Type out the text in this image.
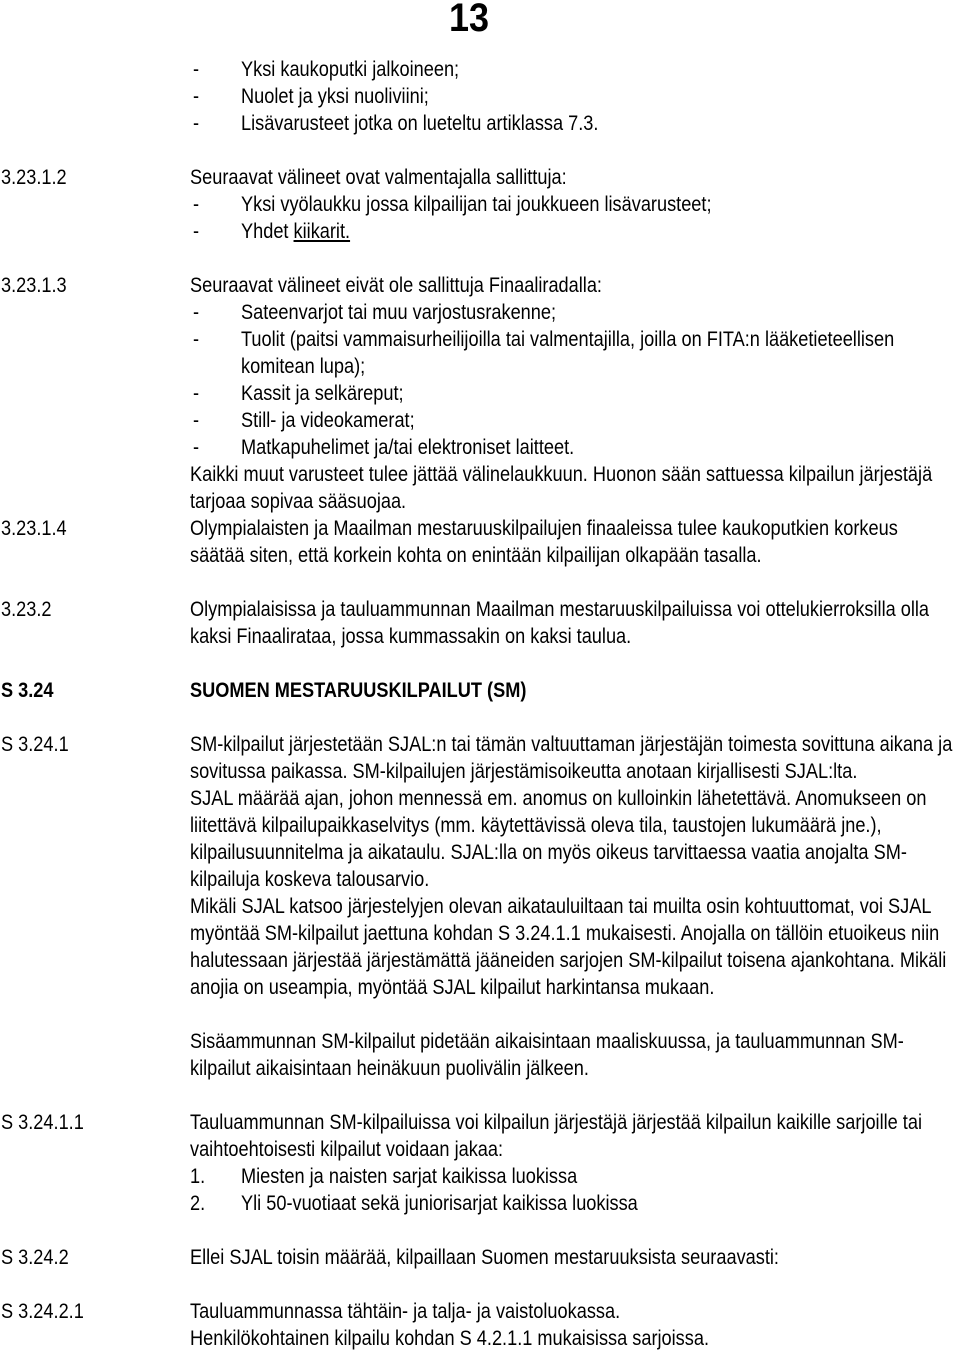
13
- Yksi kaukoputki jalkoineen;
- Nuolet ja yksi nuoliviini;
- Lisävarusteet jotka on lueteltu artiklassa 7.3.
3.23.1.2	Seuraavat välineet ovat valmentajalla sallittuja:
- Yksi vyölaukku jossa kilpailijan tai joukkueen lisävarusteet;
- Yhdet kiikarit.
3.23.1.3	Seuraavat välineet eivät ole sallittuja Finaaliradalla:
- Sateenvarjot tai muu varjostusrakenne;
- Tuolit (paitsi vammaisurheilijoilla tai valmentajilla, joilla on FITA:n lääketieteellisen
komitean lupa);
- Kassit ja selkäreput;
- Still- ja videokamerat;
- Matkapuhelimet ja/tai elektroniset laitteet.
Kaikki muut varusteet tulee jättää välinelaukkuun. Huonon sään sattuessa kilpailun järjestäjä
tarjoaa sopivaa sääsuojaa.
3.23.1.4	Olympialaisten ja Maailman mestaruuskilpailujen finaaleissa tulee kaukoputkien korkeus
säätää siten, että korkein kohta on enintään kilpailijan olkapään tasalla.
3.23.2	Olympialaisissa ja tauluammunnan Maailman mestaruuskilpailuissa voi ottelukierroksilla olla
kaksi Finaalirataa, jossa kummassakin on kaksi taulua.
S 3.24	SUOMEN MESTARUUSKILPAILUT (SM)
S 3.24.1	SM-kilpailut järjestetään SJAL:n tai tämän valtuuttaman järjestäjän toimesta sovittuna aikana ja
sovitussa paikassa. SM-kilpailujen järjestämisoikeutta anotaan kirjallisesti SJAL:lta.
SJAL määrää ajan, johon mennessä em. anomus on kulloinkin lähetettävä. Anomukseen on
liitettävä kilpailupaikkaselvitys (mm. käytettävissä oleva tila, taustojen lukumäärä jne.),
kilpailusuunnitelma ja aikataulu. SJAL:lla on myös oikeus tarvittaessa vaatia anojalta SM-
kilpailuja koskeva talousarvio.
Mikäli SJAL katsoo järjestelyjen olevan aikatauluiltaan tai muilta osin kohtuuttomat, voi SJAL
myöntää SM-kilpailut jaettuna kohdan S 3.24.1.1 mukaisesti. Anojalla on tällöin etuoikeus niin
halutessaan järjestää järjestämättä jääneiden sarjojen SM-kilpailut toisena ajankohtana. Mikäli
anojia on useampia, myöntää SJAL kilpailut harkintansa mukaan.
Sisäammunnan SM-kilpailut pidetään aikaisintaan maaliskuussa, ja tauluammunnan SM-
kilpailut aikaisintaan heinäkuun puolivälin jälkeen.
S 3.24.1.1	Tauluammunnan SM-kilpailuissa voi kilpailun järjestäjä järjestää kilpailun kaikille sarjoille tai
vaihtoehtoisesti kilpailut voidaan jakaa:
1. Miesten ja naisten sarjat kaikissa luokissa
2. Yli 50-vuotiaat sekä juniorisarjat kaikissa luokissa
S 3.24.2	Ellei SJAL toisin määrää, kilpaillaan Suomen mestaruuksista seuraavasti:
S 3.24.2.1	Tauluammunnassa tähtäin- ja talja- ja vaistoluokassa.
Henkilökohtainen kilpailu kohdan S 4.2.1.1 mukaisissa sarjoissa.
